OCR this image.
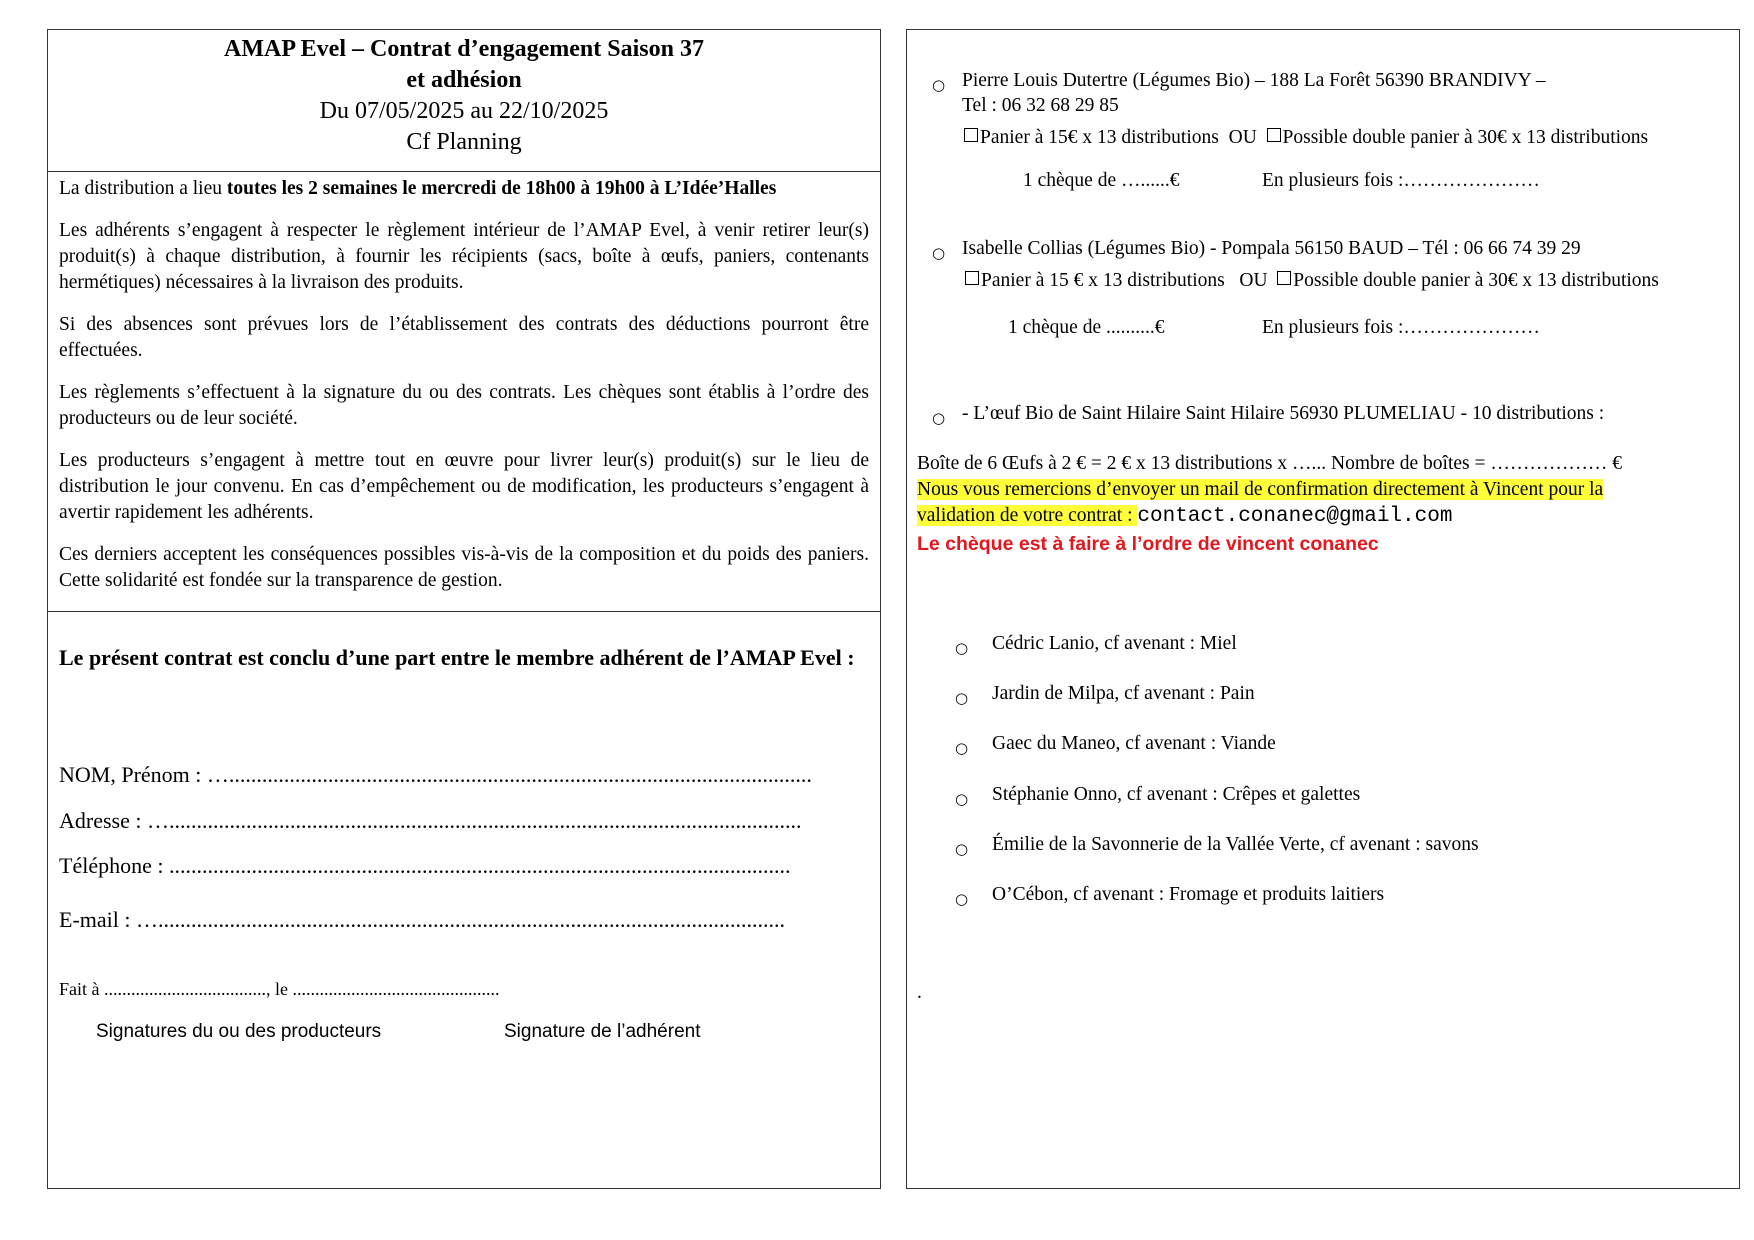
AMAP Evel – Contrat d’engagement Saison 37
et adhésion
Du 07/05/2025 au 22/10/2025
Cf Planning

La distribution a lieu toutes les 2 semaines le mercredi de 18h00 à 19h00 à L’Idée’Halles

Les adhérents s’engagent à respecter le règlement intérieur de l’AMAP Evel, à venir retirer leur(s) produit(s) à chaque distribution, à fournir les récipients (sacs, boîte à œufs, paniers, contenants hermétiques) nécessaires à la livraison des produits.

Si des absences sont prévues lors de l’établissement des contrats des déductions pourront être effectuées.

Les règlements s’effectuent à la signature du ou des contrats. Les chèques sont établis à l’ordre des producteurs ou de leur société.

Les producteurs s’engagent à mettre tout en œuvre pour livrer leur(s) produit(s) sur le lieu de distribution le jour convenu. En cas d’empêchement ou de modification, les producteurs s’engagent à avertir rapidement les adhérents.

Ces derniers acceptent les conséquences possibles vis-à-vis de la composition et du poids des paniers. Cette solidarité est fondée sur la transparence de gestion.

Le présent contrat est conclu d’une part entre le membre adhérent de l’AMAP Evel :
NOM, Prénom : …..........................................................................................................
Adresse : …...................................................................................................................
Téléphone : .................................................................................................................
E-mail : …..................................................................................................................
Fait à ...................................., le ..............................................
Signatures du ou des producteurs	Signature de l’adhérent
○ Pierre Louis Dutertre (Légumes Bio) – 188 La Forêt 56390 BRANDIVY –
Tel : 06 32 68 29 85
Panier à 15€ x 13 distributions OU Possible double panier à 30€ x 13 distributions
1 chèque de …......€	En plusieurs fois :…………………
○ Isabelle Collias (Légumes Bio) - Pompala 56150 BAUD – Tél : 06 66 74 39 29
Panier à 15 € x 13 distributions OU Possible double panier à 30€ x 13 distributions
1 chèque de ..........€	En plusieurs fois :…………………
○ - L’œuf Bio de Saint Hilaire Saint Hilaire 56930 PLUMELIAU - 10 distributions :
Boîte de 6 Œufs à 2 € = 2 € x 13 distributions x …... Nombre de boîtes = ……………… €
Nous vous remercions d’envoyer un mail de confirmation directement à Vincent pour la
validation de votre contrat : contact.conanec@gmail.com
Le chèque est à faire à l’ordre de vincent conanec
○ Cédric Lanio, cf avenant : Miel
○ Jardin de Milpa, cf avenant : Pain
○ Gaec du Maneo, cf avenant : Viande
○ Stéphanie Onno, cf avenant : Crêpes et galettes
○ Émilie de la Savonnerie de la Vallée Verte, cf avenant : savons
○ O’Cébon, cf avenant : Fromage et produits laitiers
.
